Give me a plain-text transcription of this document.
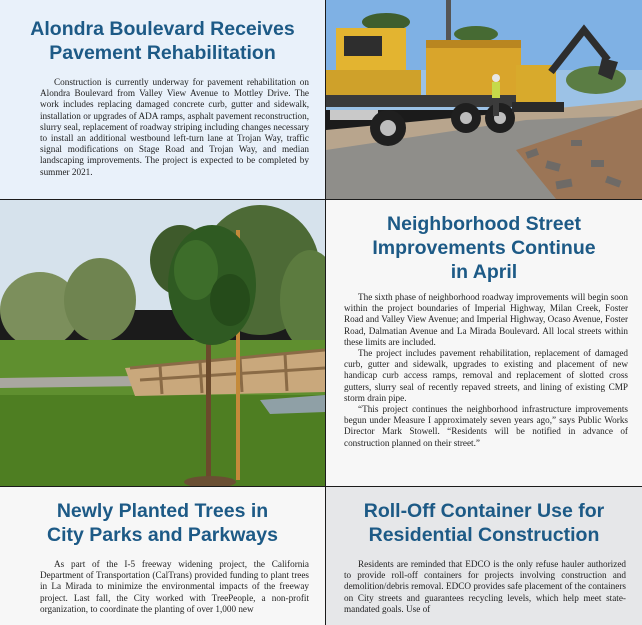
Alondra Boulevard Receives
Pavement Rehabilitation

Construction is currently underway for pavement rehabilitation on Alondra Boulevard from Valley View Avenue to Mottley Drive. The work includes replacing damaged concrete curb, gutter and sidewalk, installation or upgrades of ADA ramps, asphalt pavement reconstruction, slurry seal, replacement of roadway striping including changes necessary to install an additional westbound left-turn lane at Trojan Way, traffic signal modifications on Stage Road and Trojan Way, and median landscaping improvements. The project is expected to be completed by summer 2021.

Neighborhood Street
Improvements Continue
in April

The sixth phase of neighborhood roadway improvements will begin soon within the project boundaries of Imperial Highway, Milan Creek, Foster Road and Valley View Avenue; and Imperial Highway, Ocaso Avenue, Foster Road, Dalmatian Avenue and La Mirada Boulevard. All local streets within these limits are included.

The project includes pavement rehabilitation, replacement of damaged curb, gutter and sidewalk, upgrades to existing and placement of new handicap curb access ramps, removal and replacement of slotted cross gutters, slurry seal of recently repaved streets, and lining of existing CMP storm drain pipe.

“This project continues the neighborhood infrastructure improvements begun under Measure I approximately seven years ago,” says Public Works Director Mark Stowell. “Residents will be notified in advance of construction planned on their street.”

Newly Planted Trees in
City Parks and Parkways

As part of the I-5 freeway widening project, the California Department of Transportation (CalTrans) provided funding to plant trees in La Mirada to minimize the environmental impacts of the freeway project. Last fall, the City worked with TreePeople, a non-profit organization, to coordinate the planting of over 1,000 new

Roll-Off Container Use for
Residential Construction

Residents are reminded that EDCO is the only refuse hauler authorized to provide roll-off containers for projects involving construction and demolition/debris removal. EDCO provides safe placement of the containers on City streets and guarantees recycling levels, which help meet state-mandated goals. Use of
